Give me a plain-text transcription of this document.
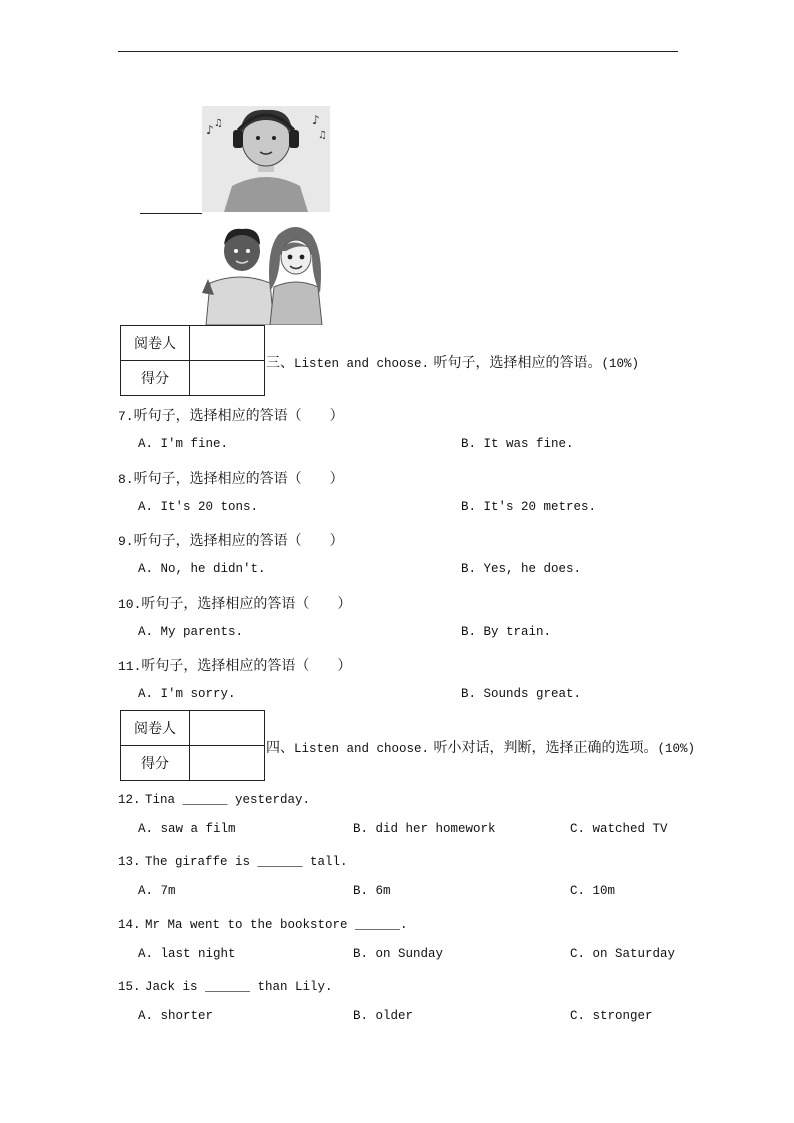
♪ ♫	♪
♫
阅卷人	
得分	
三、Listen and choose. 听句子，选择相应的答语。(10%)
7.听句子，选择相应的答语（　　）
A. I'm fine.	B. It was fine.
8.听句子，选择相应的答语（　　）
A. It's 20 tons.	B. It's 20 metres.
9.听句子，选择相应的答语（　　）
A. No, he didn't.	B. Yes, he does.
10.听句子，选择相应的答语（　　）
A. My parents.	B. By train.
11.听句子，选择相应的答语（　　）
A. I'm sorry.	B. Sounds great.
阅卷人	
得分	
四、Listen and choose. 听小对话，判断，选择正确的选项。(10%)
12. Tina ______ yesterday.
A. saw a film	B. did her homework	C. watched TV
13. The giraffe is ______ tall.
A. 7m	B. 6m	C. 10m
14. Mr Ma went to the bookstore ______.
A. last night	B. on Sunday	C. on Saturday
15. Jack is ______ than Lily.
A. shorter	B. older	C. stronger
